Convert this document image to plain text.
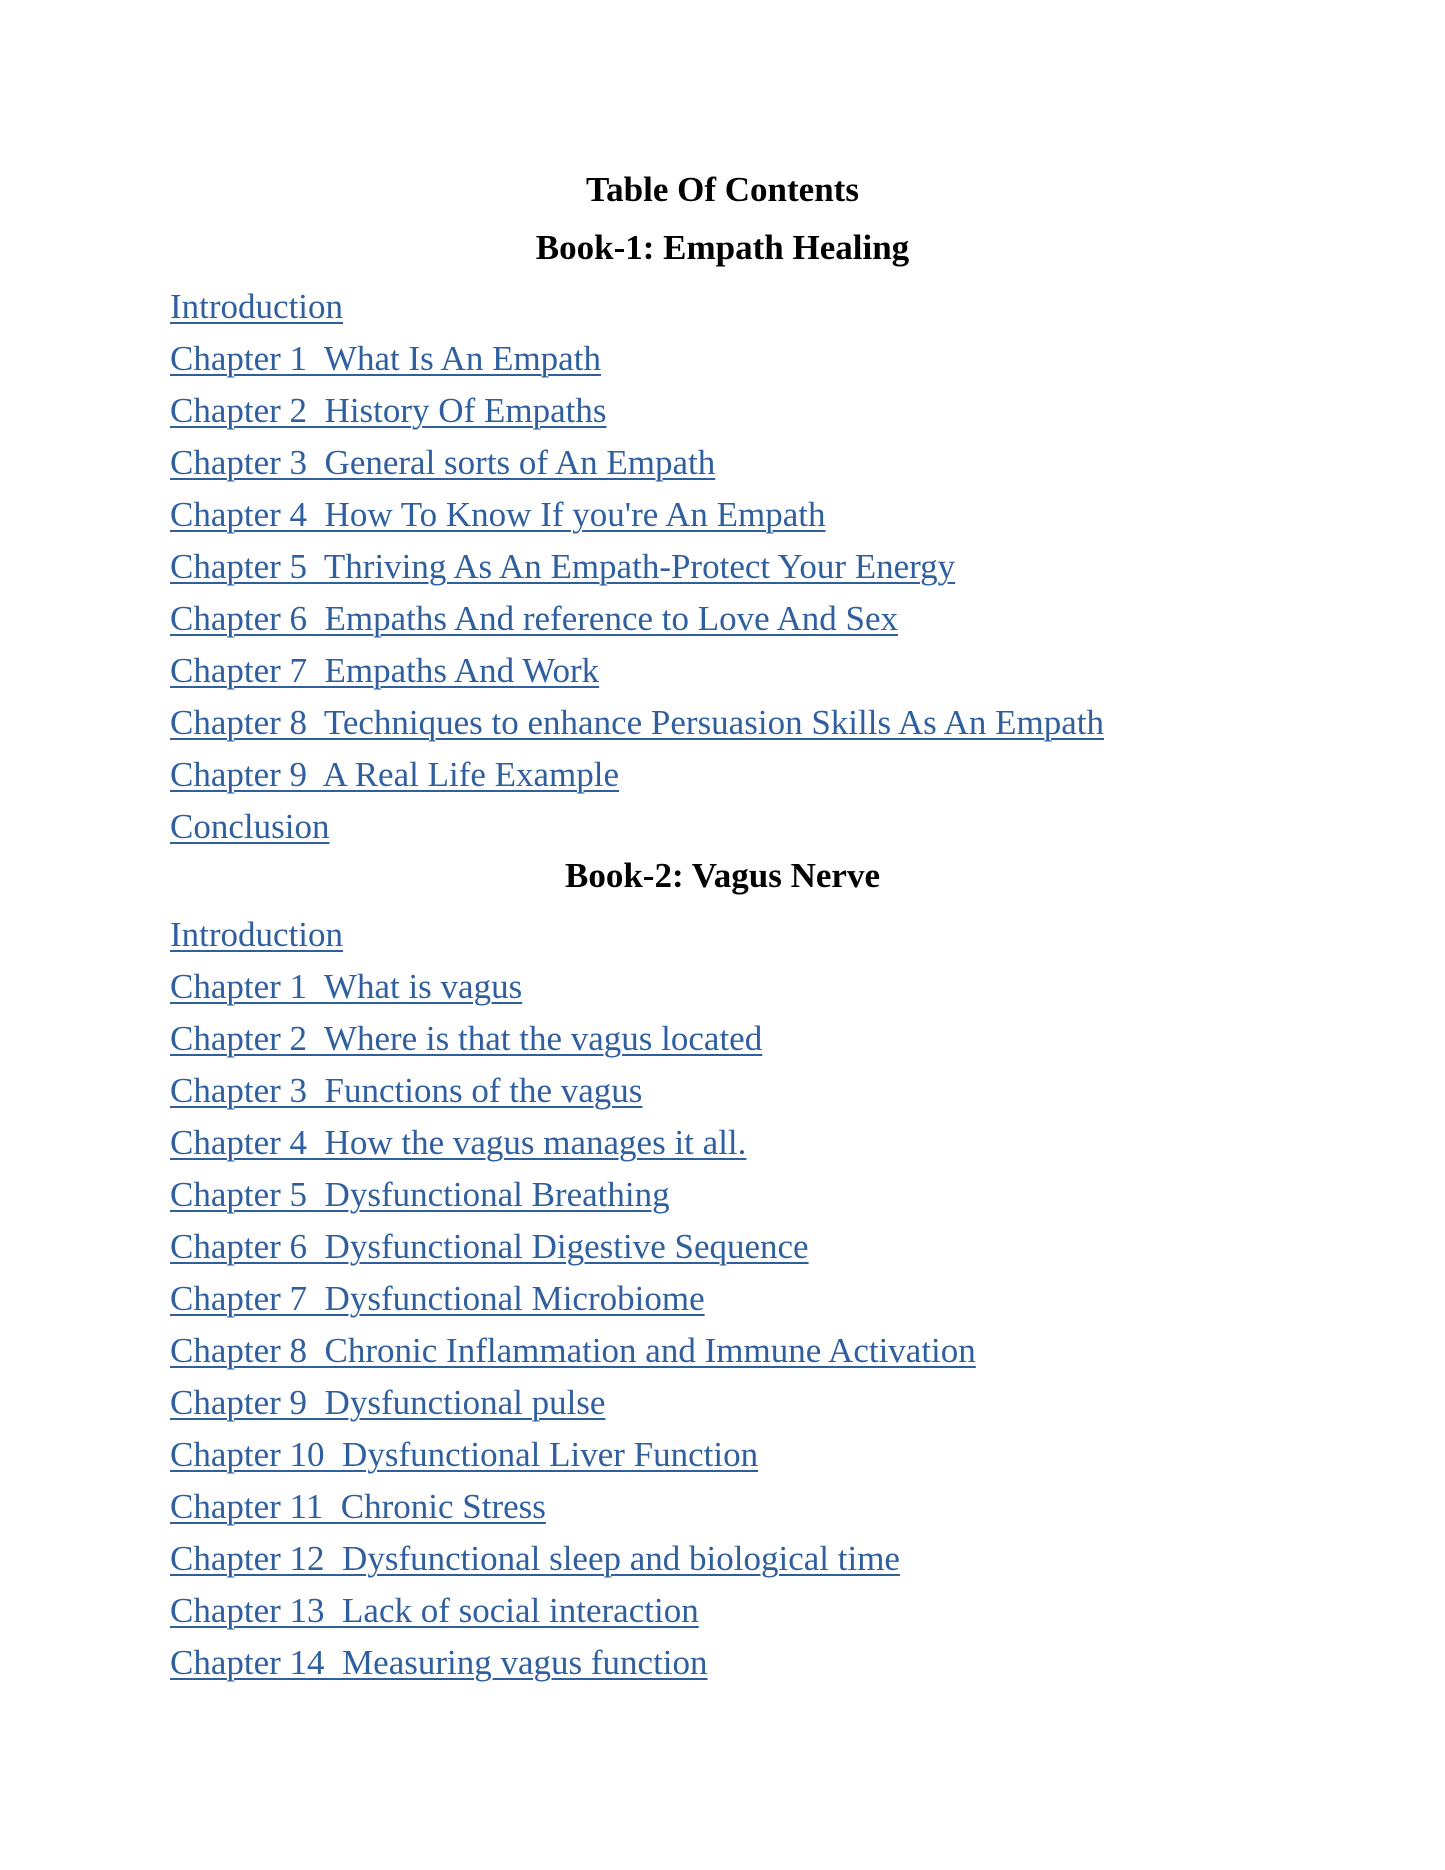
Table Of Contents
Book-1: Empath Healing
Introduction
Chapter 1  What Is An Empath
Chapter 2  History Of Empaths
Chapter 3  General sorts of An Empath
Chapter 4  How To Know If you're An Empath
Chapter 5  Thriving As An Empath-Protect Your Energy
Chapter 6  Empaths And reference to Love And Sex
Chapter 7  Empaths And Work
Chapter 8  Techniques to enhance Persuasion Skills As An Empath
Chapter 9  A Real Life Example
Conclusion
Book-2: Vagus Nerve
Introduction
Chapter 1  What is vagus
Chapter 2  Where is that the vagus located
Chapter 3  Functions of the vagus
Chapter 4  How the vagus manages it all.
Chapter 5  Dysfunctional Breathing
Chapter 6  Dysfunctional Digestive Sequence
Chapter 7  Dysfunctional Microbiome
Chapter 8  Chronic Inflammation and Immune Activation
Chapter 9  Dysfunctional pulse
Chapter 10  Dysfunctional Liver Function
Chapter 11  Chronic Stress
Chapter 12  Dysfunctional sleep and biological time
Chapter 13  Lack of social interaction
Chapter 14  Measuring vagus function
